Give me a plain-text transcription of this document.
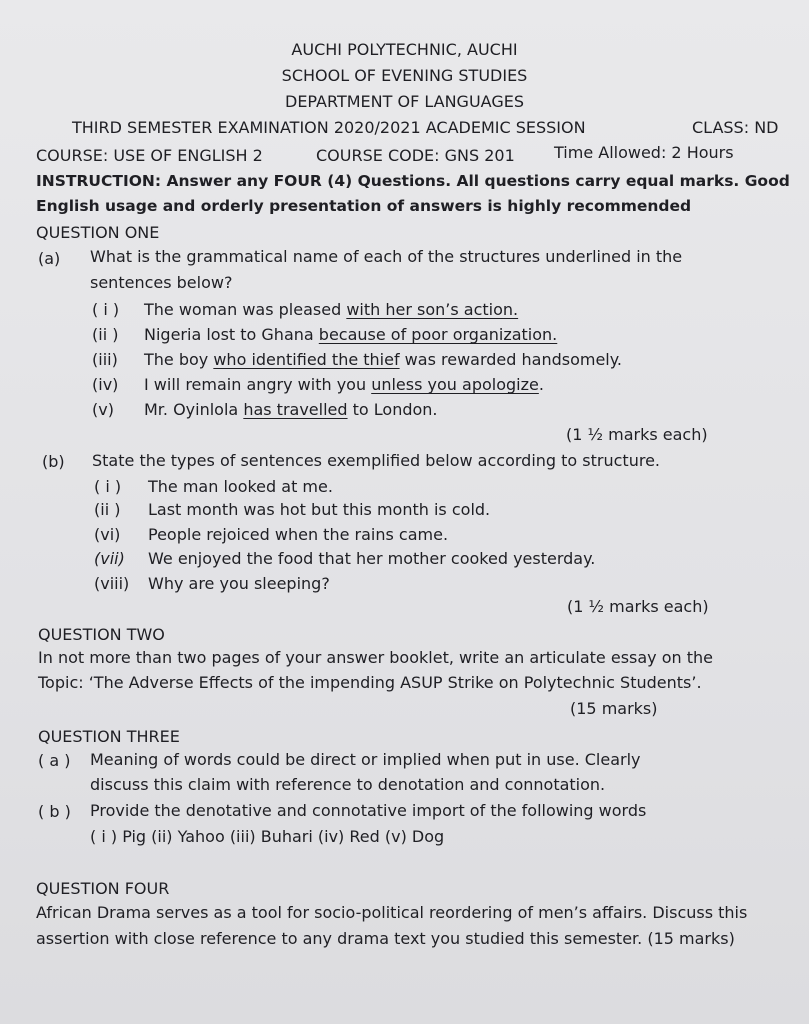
AUCHI POLYTECHNIC, AUCHI
SCHOOL OF EVENING STUDIES
DEPARTMENT OF LANGUAGES
THIRD SEMESTER EXAMINATION 2020/2021 ACADEMIC SESSION	CLASS: ND
COURSE: USE OF ENGLISH 2	COURSE CODE: GNS 201 Time Allowed: 2 Hours
INSTRUCTION: Answer any FOUR (4) Questions. All questions carry equal marks. Good
English usage and orderly presentation of answers is highly recommended
QUESTION ONE
(a) What is the grammatical name of each of the structures underlined in the
sentences below?
( i ) The woman was pleased with her son’s action.
(ii ) Nigeria lost to Ghana because of poor organization.
(iii) The boy who identified the thief was rewarded handsomely.
(iv) I will remain angry with you unless you apologize.
(v) Mr. Oyinlola has travelled to London.
(1 ½ marks each)
(b) State the types of sentences exemplified below according to structure.
( i ) The man looked at me.
(ii ) Last month was hot but this month is cold.
(vi) People rejoiced when the rains came.
(vii) We enjoyed the food that her mother cooked yesterday.
(viii) Why are you sleeping?
(1 ½ marks each)
QUESTION TWO
In not more than two pages of your answer booklet, write an articulate essay on the
Topic: ‘The Adverse Effects of the impending ASUP Strike on Polytechnic Students’.
(15 marks)
QUESTION THREE
( a ) Meaning of words could be direct or implied when put in use. Clearly
discuss this claim with reference to denotation and connotation.
( b ) Provide the denotative and connotative import of the following words
( i ) Pig (ii) Yahoo (iii) Buhari (iv) Red (v) Dog
QUESTION FOUR
African Drama serves as a tool for socio-political reordering of men’s affairs. Discuss this
assertion with close reference to any drama text you studied this semester. (15 marks)
